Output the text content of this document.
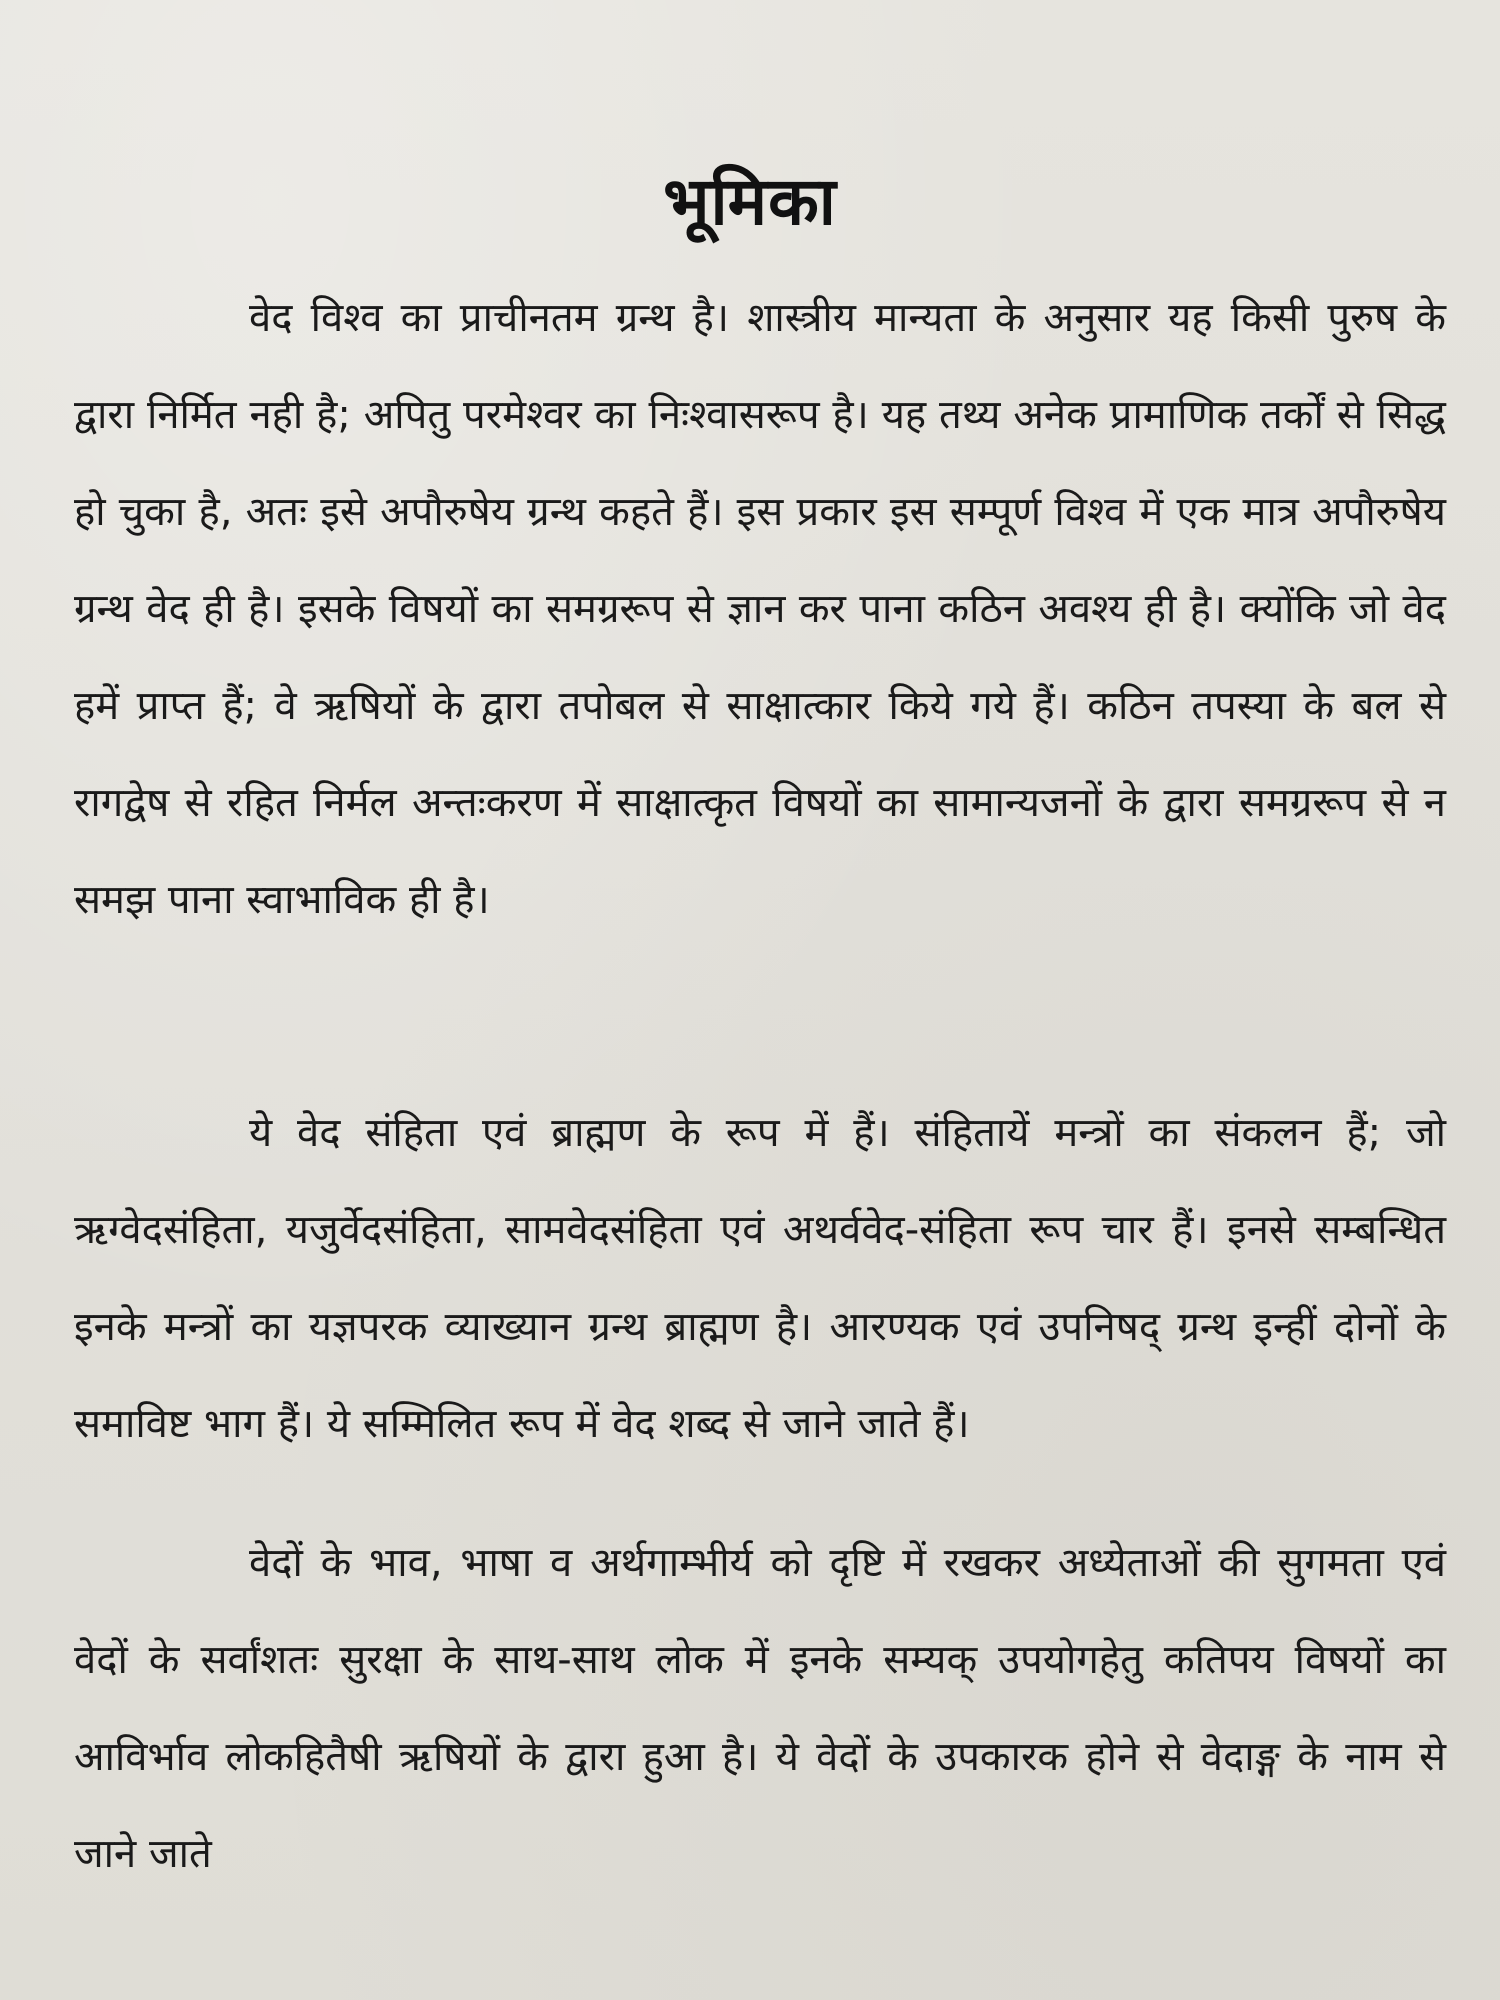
भूमिका

वेद विश्व का प्राचीनतम ग्रन्थ है। शास्त्रीय मान्यता के अनुसार यह किसी पुरुष के द्वारा निर्मित नही है; अपितु परमेश्वर का निःश्वासरूप है। यह तथ्य अनेक प्रामाणिक तर्कों से सिद्ध हो चुका है, अतः इसे अपौरुषेय ग्रन्थ कहते हैं। इस प्रकार इस सम्पूर्ण विश्व में एक मात्र अपौरुषेय ग्रन्थ वेद ही है। इसके विषयों का समग्ररूप से ज्ञान कर पाना कठिन अवश्य ही है। क्योंकि जो वेद हमें प्राप्त हैं; वे ऋषियों के द्वारा तपोबल से साक्षात्कार किये गये हैं। कठिन तपस्या के बल से रागद्वेष से रहित निर्मल अन्तःकरण में साक्षात्कृत विषयों का सामान्यजनों के द्वारा समग्ररूप से न समझ पाना स्वाभाविक ही है।

ये वेद संहिता एवं ब्राह्मण के रूप में हैं। संहितायें मन्त्रों का संकलन हैं; जो ऋग्वेदसंहिता, यजुर्वेदसंहिता, सामवेदसंहिता एवं अथर्ववेद-संहिता रूप चार हैं। इनसे सम्बन्धित इनके मन्त्रों का यज्ञपरक व्याख्यान ग्रन्थ ब्राह्मण है। आरण्यक एवं उपनिषद् ग्रन्थ इन्हीं दोनों के समाविष्ट भाग हैं। ये सम्मिलित रूप में वेद शब्द से जाने जाते हैं।

वेदों के भाव, भाषा व अर्थगाम्भीर्य को दृष्टि में रखकर अध्येताओं की सुगमता एवं वेदों के सर्वांशतः सुरक्षा के साथ-साथ लोक में इनके सम्यक् उपयोगहेतु कतिपय विषयों का आविर्भाव लोकहितैषी ऋषियों के द्वारा हुआ है। ये वेदों के उपकारक होने से वेदाङ्ग के नाम से जाने जाते
